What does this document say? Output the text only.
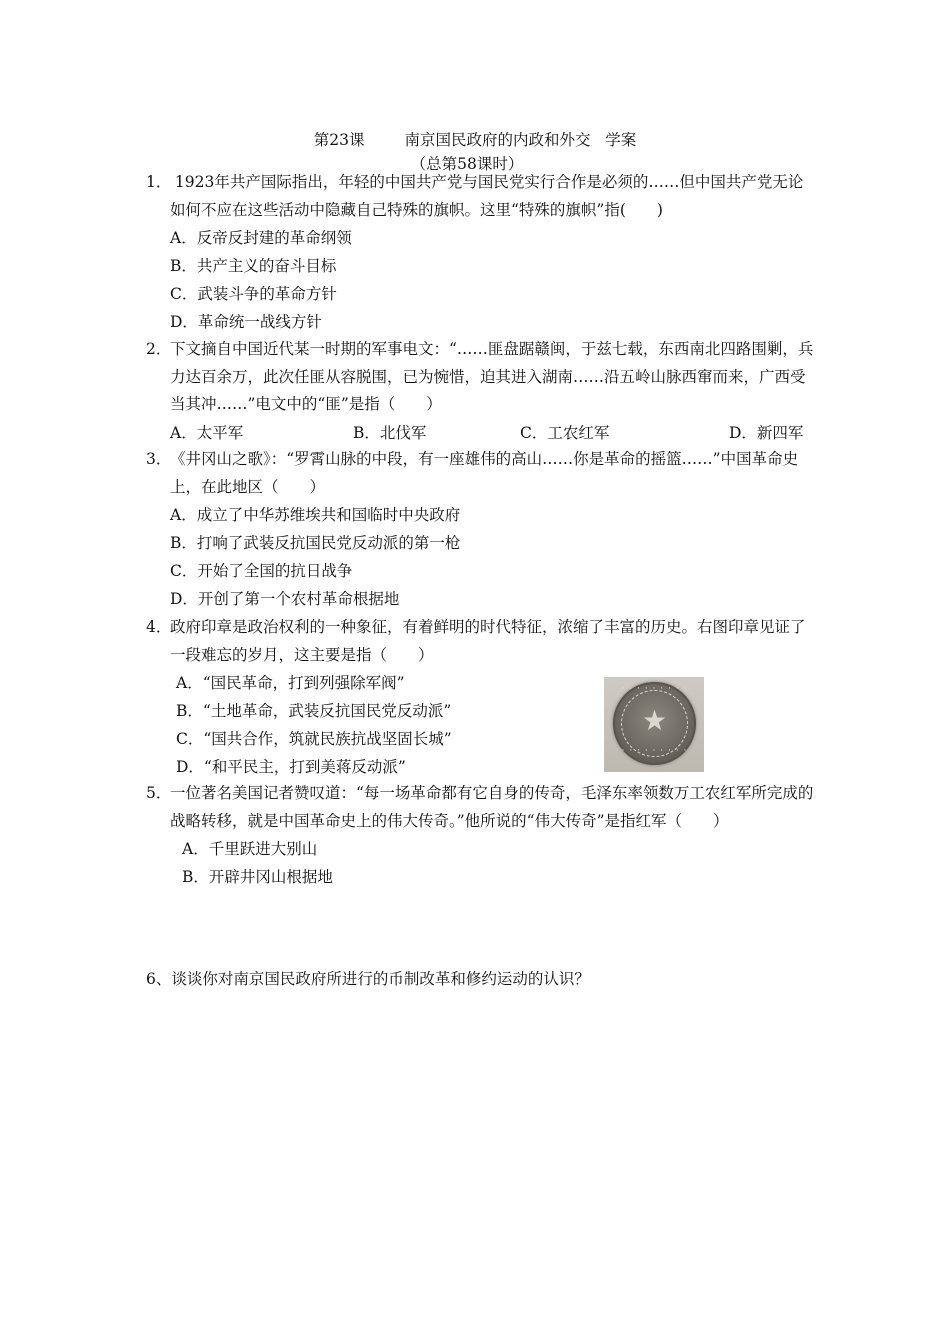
第23课	南京国民政府的内政和外交 学案
（总第58课时）
1． 1923年共产国际指出，年轻的中国共产党与国民党实行合作是必须的……但中国共产党无论如何不应在这些活动中隐藏自己特殊的旗帜。这里“特殊的旗帜”指(　　)
A．反帝反封建的革命纲领
B．共产主义的奋斗目标
C．武装斗争的革命方针
D．革命统一战线方针
2．下文摘自中国近代某一时期的军事电文：“……匪盘踞赣闽，于兹七载，东西南北四路围剿，兵力达百余万，此次任匪从容脱围，已为惋惜，迫其进入湖南……沿五岭山脉西窜而来，广西受当其冲……”电文中的“匪”是指（　　）
A．太平军	B．北伐军	C．工农红军	D．新四军
3．《井冈山之歌》：“罗霄山脉的中段，有一座雄伟的高山……你是革命的摇篮……”中国革命史上，在此地区（　　）
A．成立了中华苏维埃共和国临时中央政府
B．打响了武装反抗国民党反动派的第一枪
C．开始了全国的抗日战争
D．开创了第一个农村革命根据地
4．政府印章是政治权利的一种象征，有着鲜明的时代特征，浓缩了丰富的历史。右图印章见证了一段难忘的岁月，这主要是指（　　）
A．“国民革命，打到列强除军阀”
B．“土地革命，武装反抗国民党反动派”
C．“国共合作，筑就民族抗战坚固长城”
D．“和平民主，打到美蒋反动派”
· · · · · · · · ·
★
· · · · · · · · ·
5．一位著名美国记者赞叹道：“每一场革命都有它自身的传奇，毛泽东率领数万工农红军所完成的战略转移，就是中国革命史上的伟大传奇。”他所说的“伟大传奇”是指红军（　　）
A．千里跃进大别山
B．开辟井冈山根据地
6、谈谈你对南京国民政府所进行的币制改革和修约运动的认识？
